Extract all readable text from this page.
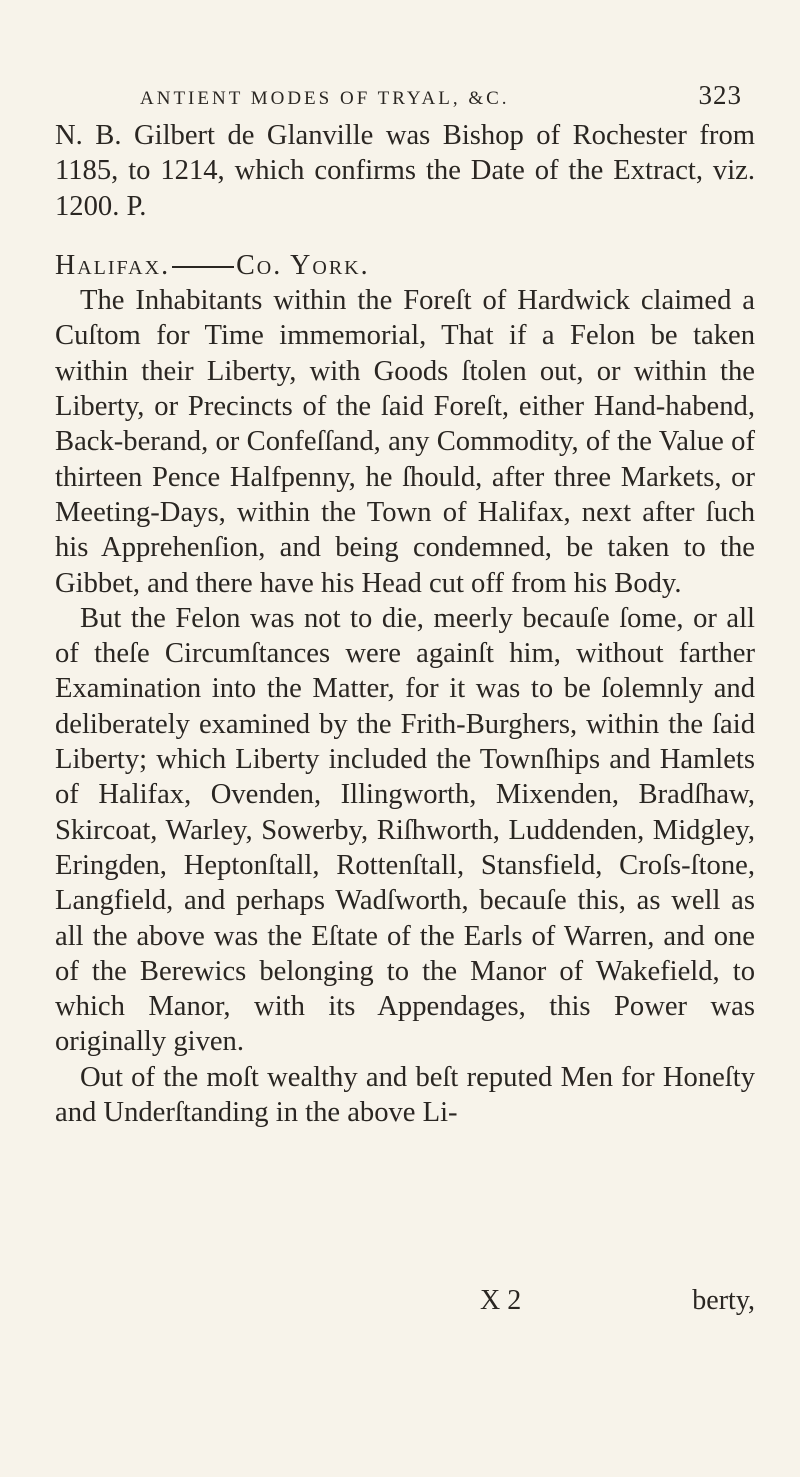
ANTIENT MODES OF TRYAL, &C.	323

N. B. Gilbert de Glanville was Bishop of Rochester from 1185, to 1214, which confirms the Date of the Extract, viz. 1200. P.

Halifax. Co. York.

The Inhabitants within the Foreſt of Hardwick claimed a Cuſtom for Time immemorial, That if a Felon be taken within their Liberty, with Goods ſtolen out, or within the Liberty, or Precincts of the ſaid Foreſt, either Hand-habend, Back-berand, or Confeſſand, any Commodity, of the Value of thirteen Pence Halfpenny, he ſhould, after three Markets, or Meeting-Days, within the Town of Halifax, next after ſuch his Apprehenſion, and being condemned, be taken to the Gibbet, and there have his Head cut off from his Body.

But the Felon was not to die, meerly becauſe ſome, or all of theſe Circumſtances were againſt him, without farther Examination into the Matter, for it was to be ſolemnly and deliberately examined by the Frith-Burghers, within the ſaid Liberty; which Liberty included the Townſhips and Hamlets of Halifax, Ovenden, Illingworth, Mixenden, Bradſhaw, Skircoat, Warley, Sowerby, Riſhworth, Luddenden, Midgley, Eringden, Heptonſtall, Rottenſtall, Stansfield, Croſs-ſtone, Langfield, and perhaps Wadſworth, becauſe this, as well as all the above was the Eſtate of the Earls of Warren, and one of the Berewics belonging to the Manor of Wakefield, to which Manor, with its Appendages, this Power was originally given.

Out of the moſt wealthy and beſt reputed Men for Honeſty and Underſtanding in the above Li-

X 2	berty,
